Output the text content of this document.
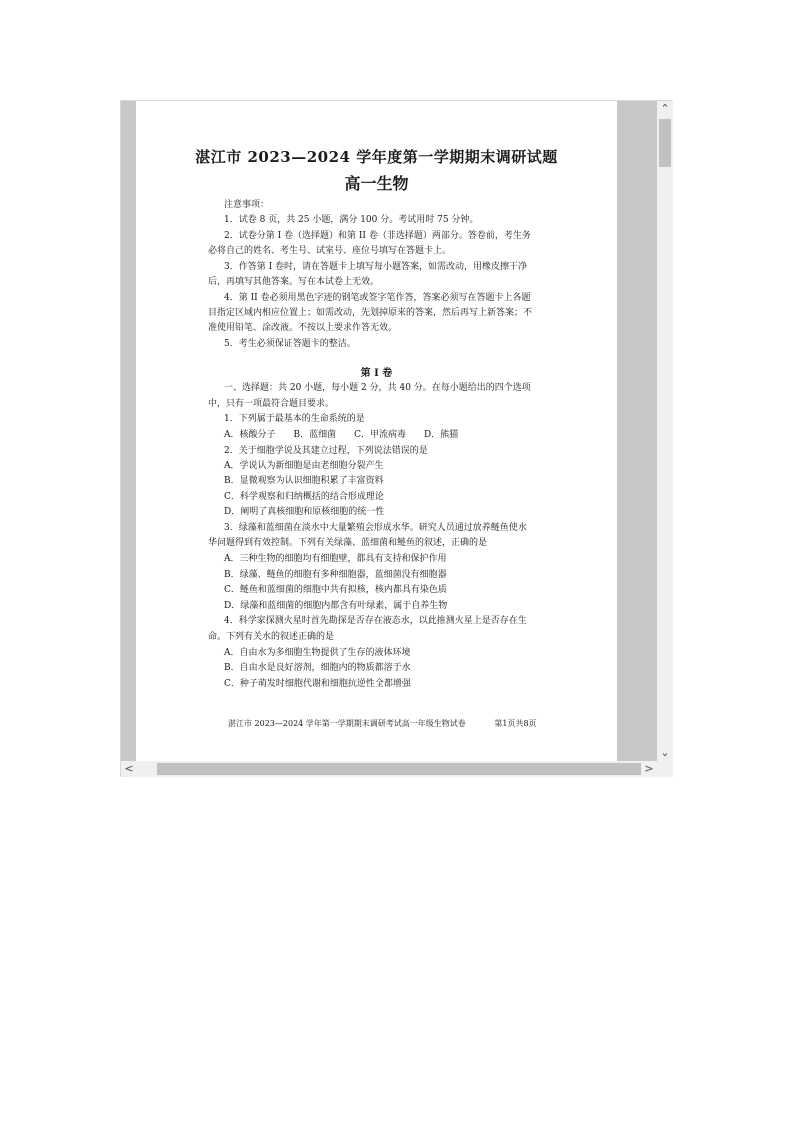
湛江市 2023—2024 学年度第一学期期末调研试题
高一生物
注意事项：
1．试卷 8 页，共 25 小题，满分 100 分。考试用时 75 分钟。
2．试卷分第 I 卷（选择题）和第 II 卷（非选择题）两部分。答卷前，考生务
必将自己的姓名、考生号、试室号、座位号填写在答题卡上。
3．作答第 I 卷时，请在答题卡上填写每小题答案，如需改动，用橡皮擦干净
后，再填写其他答案。写在本试卷上无效。
4．第 II 卷必须用黑色字迹的钢笔或签字笔作答，答案必须写在答题卡上各题
目指定区域内相应位置上；如需改动，先划掉原来的答案，然后再写上新答案；不
准使用铅笔、涂改液。不按以上要求作答无效。
5．考生必须保证答题卡的整洁。
第 I 卷
一、选择题：共 20 小题，每小题 2 分，共 40 分。在每小题给出的四个选项
中，只有一项最符合题目要求。
1．下列属于最基本的生命系统的是
A．核酸分子　　B．蓝细菌　　C．甲流病毒　　D．熊猫
2．关于细胞学说及其建立过程，下列说法错误的是
A．学说认为新细胞是由老细胞分裂产生
B．显微观察为认识细胞积累了丰富资料
C．科学观察和归纳概括的结合形成理论
D．阐明了真核细胞和原核细胞的统一性
3．绿藻和蓝细菌在淡水中大量繁殖会形成水华。研究人员通过放养鲢鱼使水
华问题得到有效控制。下列有关绿藻、蓝细菌和鲢鱼的叙述，正确的是
A．三种生物的细胞均有细胞壁，都具有支持和保护作用
B．绿藻、鲢鱼的细胞有多种细胞器，蓝细菌没有细胞器
C．鲢鱼和蓝细菌的细胞中共有拟核，核内都具有染色质
D．绿藻和蓝细菌的细胞内都含有叶绿素，属于自养生物
4．科学家探测火星时首先勘探是否存在液态水，以此推测火星上是否存在生
命。下列有关水的叙述正确的是
A．自由水为多细胞生物提供了生存的液体环境
B．自由水是良好溶剂，细胞内的物质都溶于水
C．种子萌发时细胞代谢和细胞抗逆性全都增强
湛江市 2023—2024 学年第一学期期末调研考试高一年级生物试卷	第1页共8页
⌃
⌄
<	>
